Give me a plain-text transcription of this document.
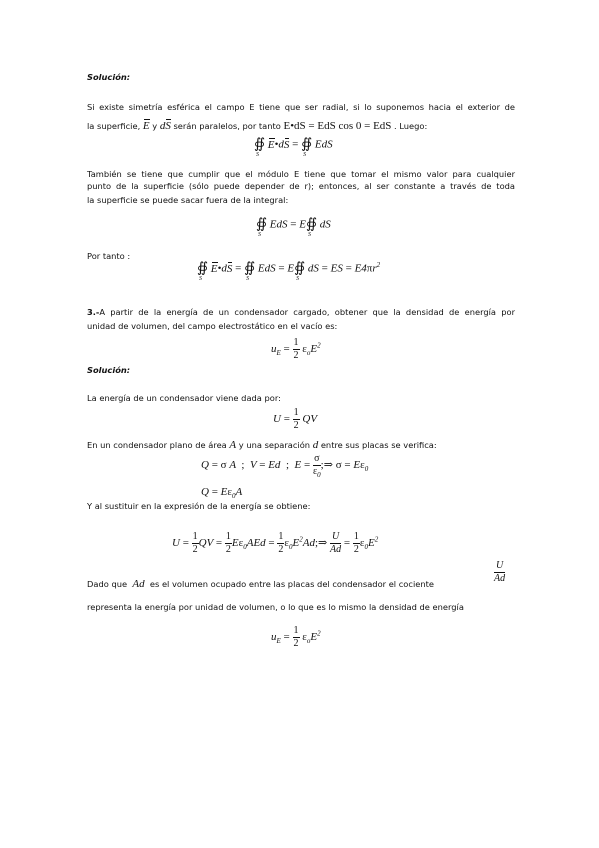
Solución:
Si existe simetría esférica el campo E tiene que ser radial, si lo suponemos hacia el exterior de
la superficie, E y dS serán paralelos, por tanto E•dS = EdS cos 0 = EdS . Luego:
∯
S
E•dS = ∯
S
EdS
También se tiene que cumplir que el módulo E tiene que tomar el mismo valor para cualquier
punto de la superficie (sólo puede depender de r); entonces, al ser constante a través de toda
la superficie se puede sacar fuera de la integral:
∯
S
EdS = E∯
S
dS
Por tanto :
∯
S
E•dS = ∯
S
EdS = E∯
S
dS = ES = $E4\pi r^2$
3.-A partir de la energía de un condensador cargado, obtener que la densidad de energía por
unidad de volumen, del campo electrostático en el vacío es:
$u_E = \frac{1}{2} \varepsilon_oE^2$
Solución:
La energía de un condensador viene dada por:
$U = \frac{1}{2}$ QV
En un condensador plano de área A y una separación d entre sus placas se verifica:
Q = σ A  ;  V = Ed  ;  $E = \frac{\sigma}{\varepsilon_0}$ ;⇒ $\sigma = E\varepsilon_0$
$Q = E\varepsilon_0A$
Y al sustituir en la expresión de la energía se obtiene:
$U = \frac{1}{2}$ QV = $\frac{1}{2} E\varepsilon_0AEd = \frac{1}{2}$ $\varepsilon_0E^2Ad;\Rightarrow \frac{U}{Ad} = \frac{1}{2} \varepsilon_0E^2$
Dado que Ad es el volumen ocupado entre las placas del condensador el cociente	$\frac{U}{Ad}$
representa la energía por unidad de volumen, o lo que es lo mismo la densidad de energía
$u_E = \frac{1}{2} \varepsilon_oE^2$
